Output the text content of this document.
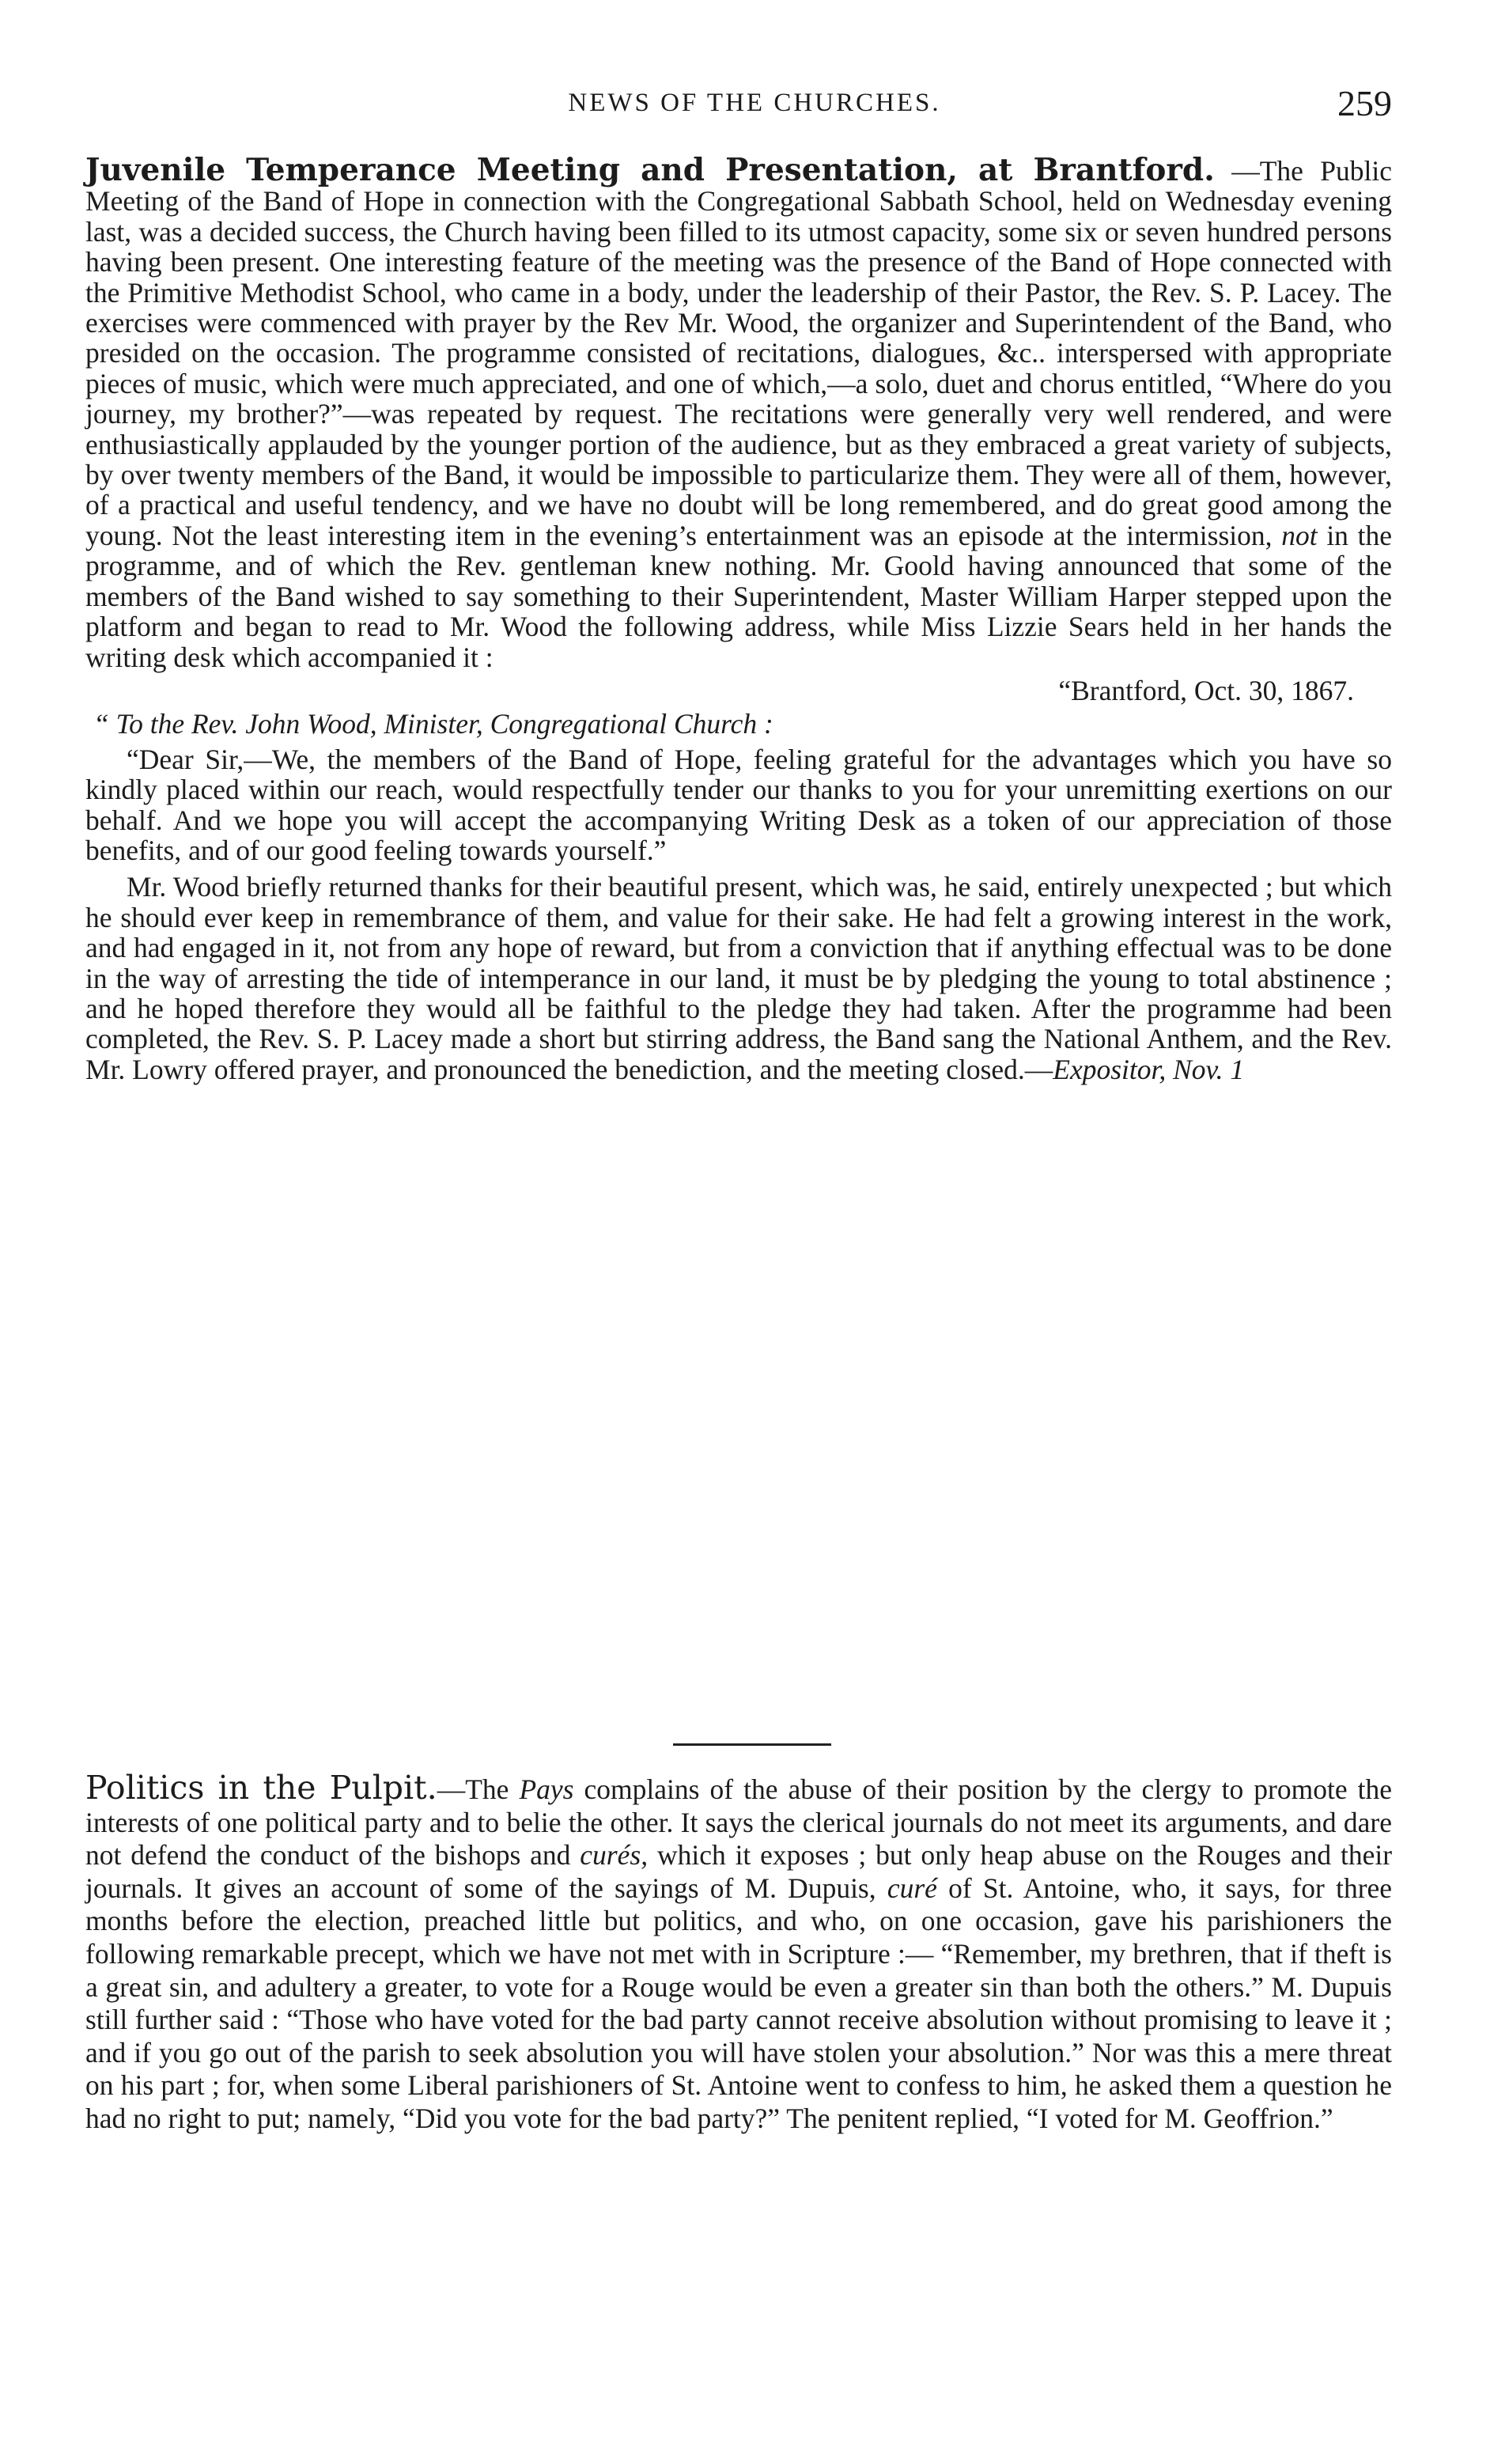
NEWS OF THE CHURCHES.	259

Juvenile Temperance Meeting and Presentation, at Brantford. —The Public Meeting of the Band of Hope in connection with the Congregational Sabbath School, held on Wednesday evening last, was a decided success, the Church having been filled to its utmost capacity, some six or seven hundred persons having been present. One interesting feature of the meeting was the presence of the Band of Hope connected with the Primitive Methodist School, who came in a body, under the leadership of their Pastor, the Rev. S. P. Lacey. The exercises were commenced with prayer by the Rev Mr. Wood, the organizer and Superintendent of the Band, who presided on the occasion. The programme consisted of recitations, dialogues, &c.. interspersed with appropriate pieces of music, which were much appreciated, and one of which,—a solo, duet and chorus entitled, “Where do you journey, my brother?”—was repeated by request. The recitations were generally very well rendered, and were enthusiastically applauded by the younger portion of the audience, but as they embraced a great variety of subjects, by over twenty members of the Band, it would be impossible to particularize them. They were all of them, however, of a practical and useful tendency, and we have no doubt will be long remembered, and do great good among the young. Not the least interesting item in the evening’s entertainment was an episode at the intermission, not in the programme, and of which the Rev. gentleman knew nothing. Mr. Goold having announced that some of the members of the Band wished to say something to their Superintendent, Master William Harper stepped upon the platform and began to read to Mr. Wood the following address, while Miss Lizzie Sears held in her hands the writing desk which accompanied it :

“Brantford, Oct. 30, 1867.

“ To the Rev. John Wood, Minister, Congregational Church :

“Dear Sir,—We, the members of the Band of Hope, feeling grateful for the advantages which you have so kindly placed within our reach, would respectfully tender our thanks to you for your unremitting exertions on our behalf. And we hope you will accept the accompanying Writing Desk as a token of our appreciation of those benefits, and of our good feeling towards yourself.”

Mr. Wood briefly returned thanks for their beautiful present, which was, he said, entirely unexpected ; but which he should ever keep in remembrance of them, and value for their sake. He had felt a growing interest in the work, and had engaged in it, not from any hope of reward, but from a conviction that if anything effectual was to be done in the way of arresting the tide of intemperance in our land, it must be by pledging the young to total abstinence ; and he hoped therefore they would all be faithful to the pledge they had taken. After the programme had been completed, the Rev. S. P. Lacey made a short but stirring address, the Band sang the National Anthem, and the Rev. Mr. Lowry offered prayer, and pronounced the benediction, and the meeting closed.—Expositor, Nov. 1

Politics in the Pulpit.—The Pays complains of the abuse of their position by the clergy to promote the interests of one political party and to belie the other. It says the clerical journals do not meet its arguments, and dare not defend the conduct of the bishops and curés, which it exposes ; but only heap abuse on the Rouges and their journals. It gives an account of some of the sayings of M. Dupuis, curé of St. Antoine, who, it says, for three months before the election, preached little but politics, and who, on one occasion, gave his parishioners the following remarkable precept, which we have not met with in Scripture :— “Remember, my brethren, that if theft is a great sin, and adultery a greater, to vote for a Rouge would be even a greater sin than both the others.” M. Dupuis still further said : “Those who have voted for the bad party cannot receive absolution without promising to leave it ; and if you go out of the parish to seek absolution you will have stolen your absolution.” Nor was this a mere threat on his part ; for, when some Liberal parishioners of St. Antoine went to confess to him, he asked them a question he had no right to put; namely, “Did you vote for the bad party?” The penitent replied, “I voted for M. Geoffrion.”
